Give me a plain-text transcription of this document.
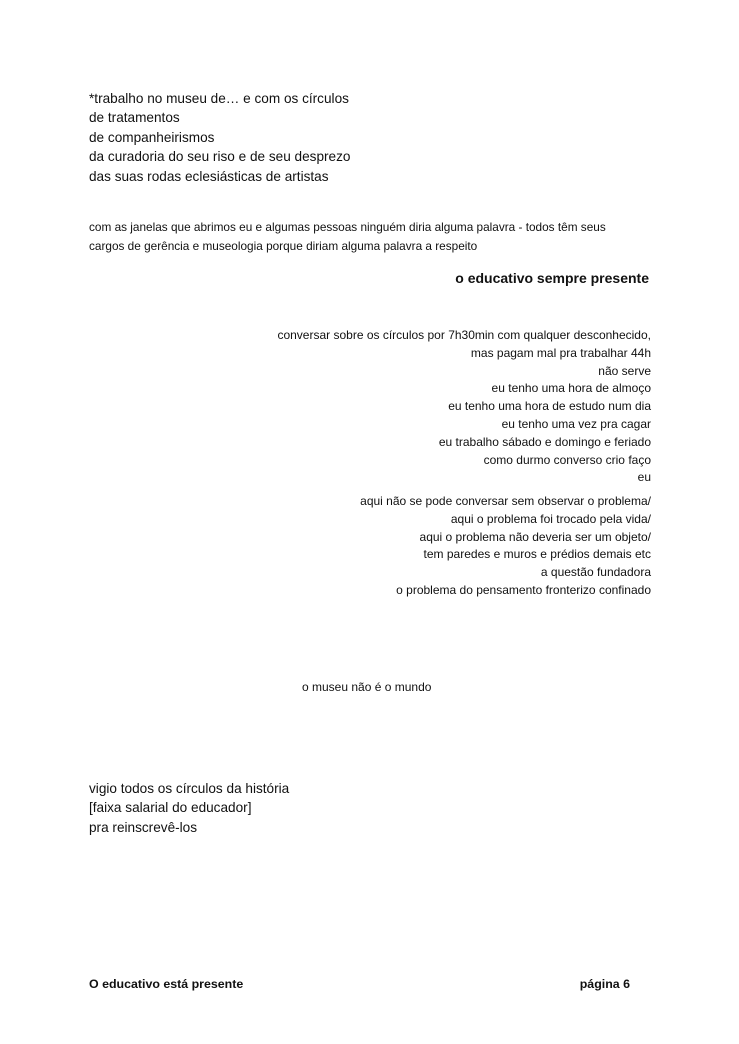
*trabalho no museu de… e com os círculos
de tratamentos
de companheirismos
da curadoria do seu riso e de seu desprezo
das suas rodas eclesiásticas de artistas
com as janelas que abrimos eu e algumas pessoas ninguém diria alguma palavra - todos têm seus
cargos de gerência e museologia porque diriam alguma palavra a respeito
o educativo sempre presente
conversar sobre os círculos por 7h30min com qualquer desconhecido,
mas pagam mal pra trabalhar 44h
não serve
eu tenho uma hora de almoço
eu tenho uma hora de estudo num dia
eu tenho uma vez pra cagar
eu trabalho sábado e domingo e feriado
como durmo converso crio faço
eu
aqui não se pode conversar sem observar o problema/
aqui o problema foi trocado pela vida/
aqui o problema não deveria ser um objeto/
tem paredes e muros e prédios demais etc
a questão fundadora
o problema do pensamento fronterizo confinado
o museu não é o mundo
vigio todos os círculos da história
[faixa salarial do educador]
pra reinscrevê-los
O educativo está presente	página 6
